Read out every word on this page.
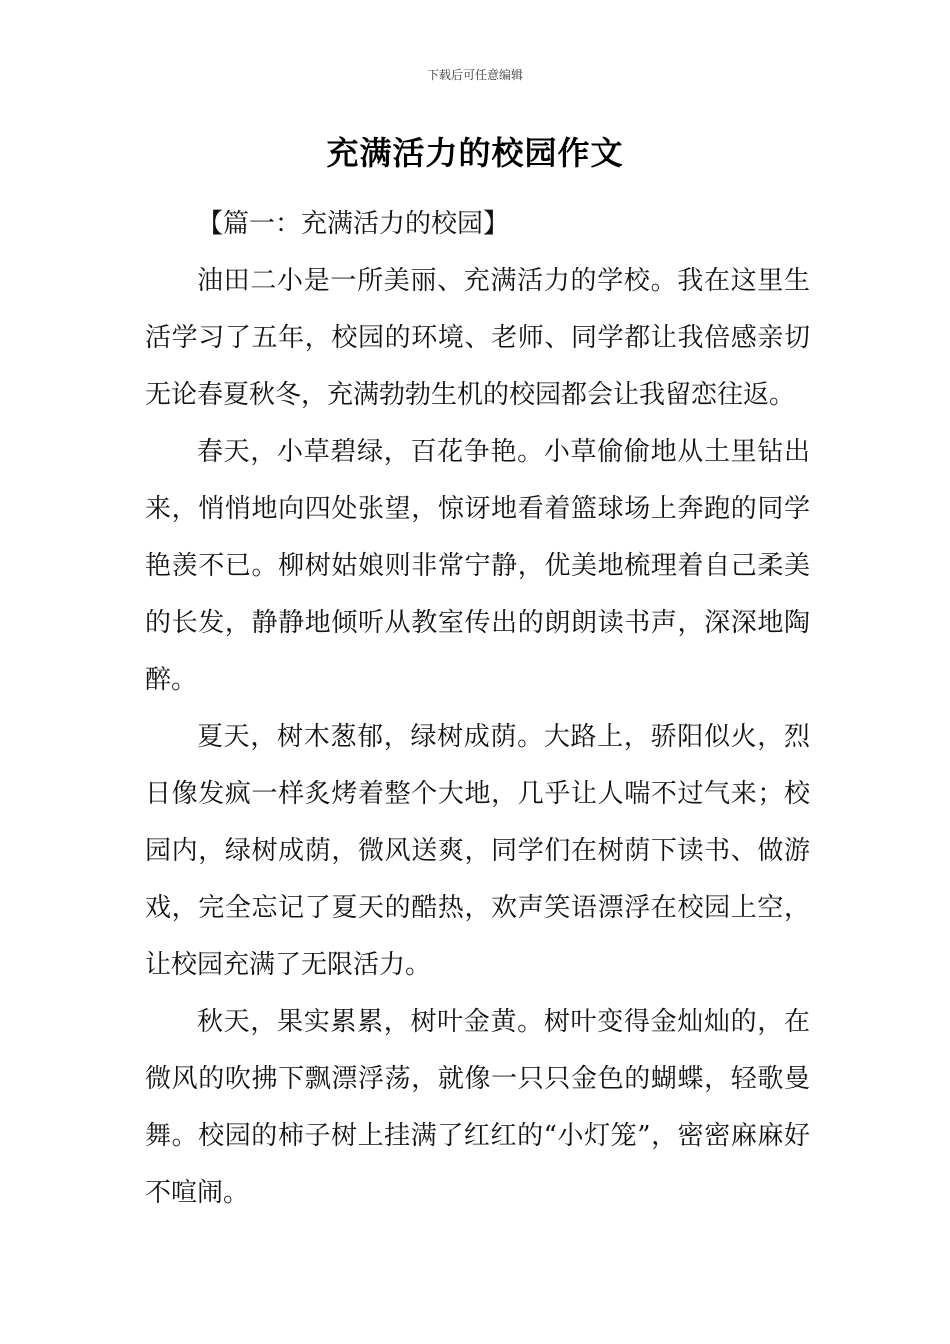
下载后可任意编辑
充满活力的校园作文

【篇一：充满活力的校园】

油田二小是一所美丽、充满活力的学校。我在这里生活学习了五年，校园的环境、老师、同学都让我倍感亲切无论春夏秋冬，充满勃勃生机的校园都会让我留恋往返。

春天，小草碧绿，百花争艳。小草偷偷地从土里钻出来，悄悄地向四处张望，惊讶地看着篮球场上奔跑的同学艳羡不已。柳树姑娘则非常宁静，优美地梳理着自己柔美的长发，静静地倾听从教室传出的朗朗读书声，深深地陶醉。

夏天，树木葱郁，绿树成荫。大路上，骄阳似火，烈日像发疯一样炙烤着整个大地，几乎让人喘不过气来；校园内，绿树成荫，微风送爽，同学们在树荫下读书、做游戏，完全忘记了夏天的酷热，欢声笑语漂浮在校园上空，让校园充满了无限活力。

秋天，果实累累，树叶金黄。树叶变得金灿灿的，在微风的吹拂下飘漂浮荡，就像一只只金色的蝴蝶，轻歌曼舞。校园的柿子树上挂满了红红的“小灯笼”，密密麻麻好不喧闹。
